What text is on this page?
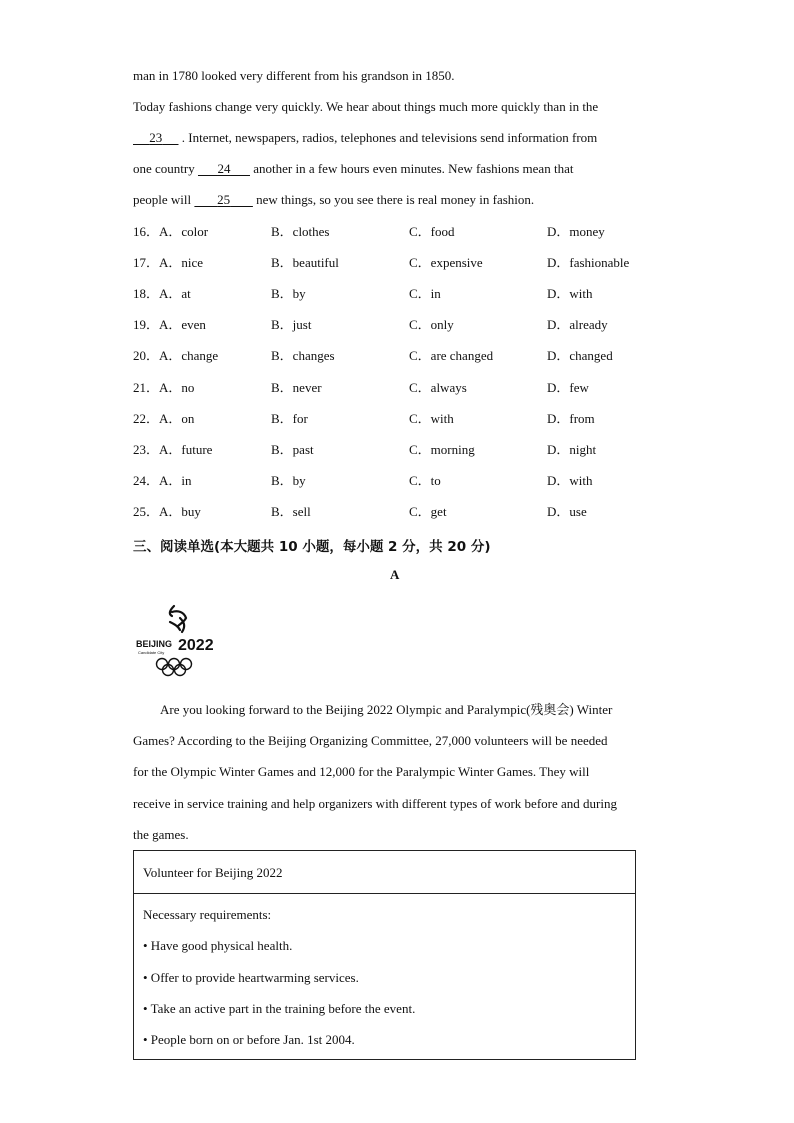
man in 1780 looked very different from his grandson in 1850.
Today fashions change very quickly. We hear about things much more quickly than in the
23      . Internet, newspapers, radios, telephones and televisions send information from
one country       24       another in a few hours even minutes. New fashions mean that
people will        25        new things, so you see there is real money in fashion.
16． A．color	B．clothes	C．food	D．money
17． A．nice	B．beautiful	C．expensive	D．fashionable
18． A．at	B．by	C．in	D．with
19． A．even	B．just	C．only	D．already
20． A．change	B．changes	C．are changed	D．changed
21． A．no	B．never	C．always	D．few
22． A．on	B．for	C．with	D．from
23． A．future	B．past	C．morning	D．night
24． A．in	B．by	C．to	D．with
25． A．buy	B．sell	C．get	D．use
三、阅读单选(本大题共 10 小题，每小题 2 分，共 20 分)
A
BEIJING 2022
Candidate City
Are you looking forward to the Beijing 2022 Olympic and Paralympic(残奥会) Winter
Games? According to the Beijing Organizing Committee, 27,000 volunteers will be needed
for the Olympic Winter Games and 12,000 for the Paralympic Winter Games. They will
receive in service training and help organizers with different types of work before and during
the games.
Volunteer for Beijing 2022
Necessary requirements:
• Have good physical health.
• Offer to provide heartwarming services.
• Take an active part in the training before the event.
• People born on or before Jan. 1st 2004.
